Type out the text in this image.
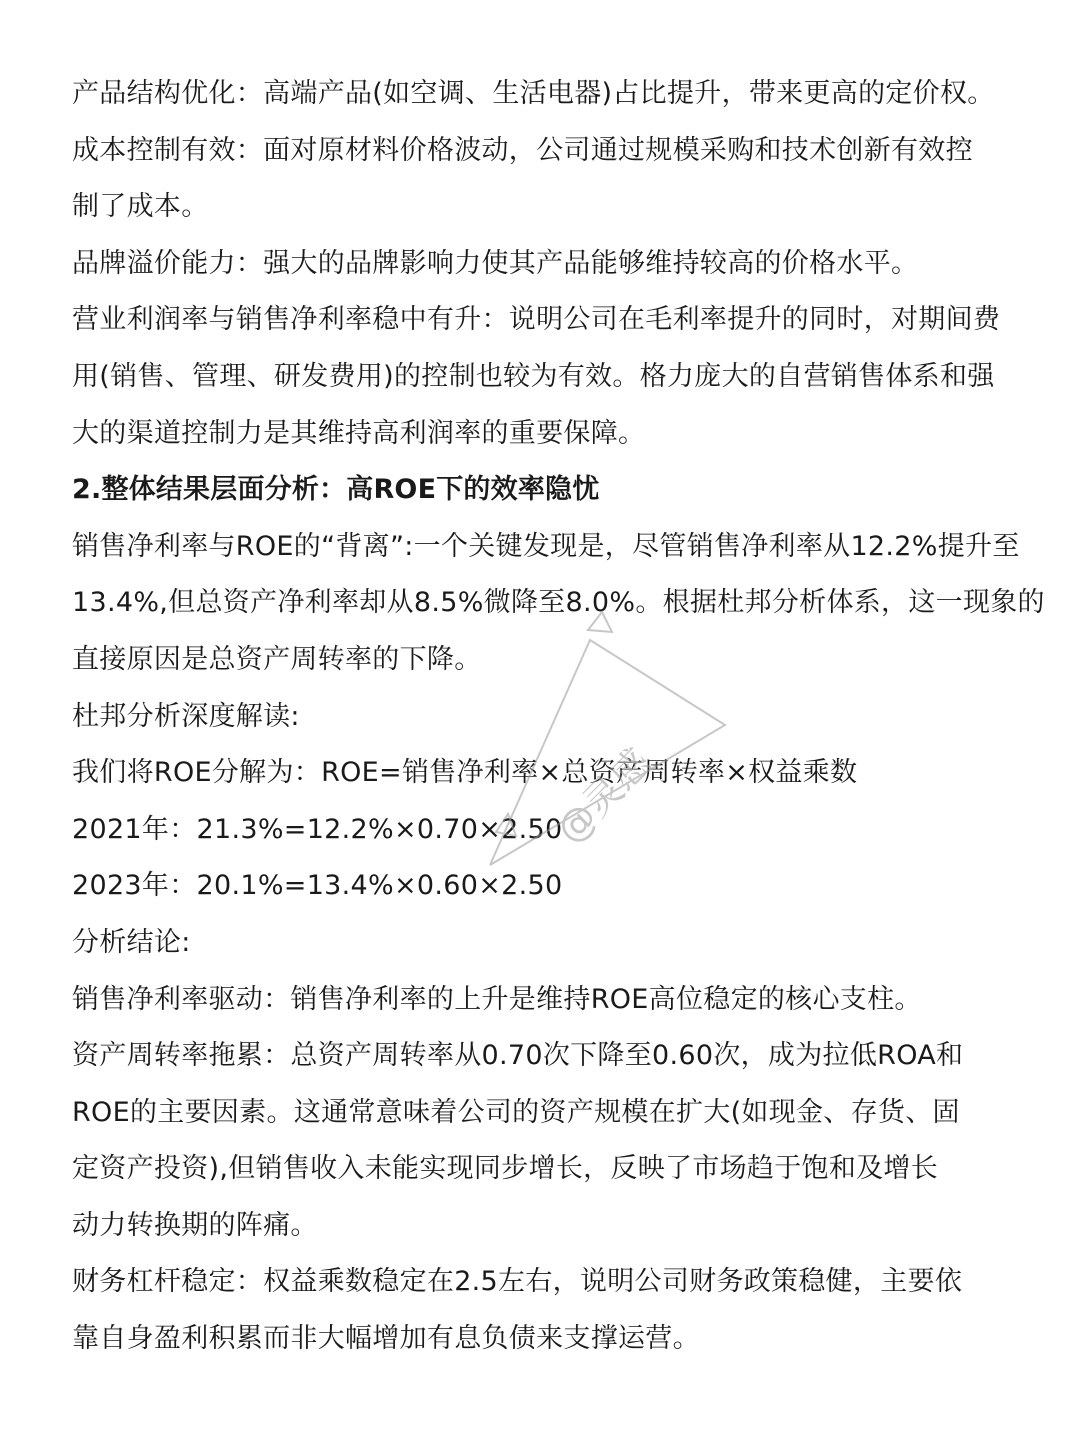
产品结构优化：高端产品(如空调、生活电器)占比提升，带来更高的定价权。
成本控制有效：面对原材料价格波动，公司通过规模采购和技术创新有效控
制了成本。
品牌溢价能力：强大的品牌影响力使其产品能够维持较高的价格水平。
营业利润率与销售净利率稳中有升：说明公司在毛利率提升的同时，对期间费
用(销售、管理、研发费用)的控制也较为有效。格力庞大的自营销售体系和强
大的渠道控制力是其维持高利润率的重要保障。
2.整体结果层面分析：高ROE下的效率隐忧
销售净利率与ROE的“背离”:一个关键发现是，尽管销售净利率从12.2%提升至
13.4%,但总资产净利率却从8.5%微降至8.0%。根据杜邦分析体系，这一现象的
直接原因是总资产周转率的下降。
杜邦分析深度解读:
我们将ROE分解为：ROE=销售净利率×总资产周转率×权益乘数
2021年：21.3%=12.2%×0.70×2.50
2023年：20.1%=13.4%×0.60×2.50
分析结论:
销售净利率驱动：销售净利率的上升是维持ROE高位稳定的核心支柱。
资产周转率拖累：总资产周转率从0.70次下降至0.60次，成为拉低ROA和
ROE的主要因素。这通常意味着公司的资产规模在扩大(如现金、存货、固
定资产投资),但销售收入未能实现同步增长，反映了市场趋于饱和及增长
动力转换期的阵痛。
财务杠杆稳定：权益乘数稳定在2.5左右，说明公司财务政策稳健，主要依
靠自身盈利积累而非大幅增加有息负债来支撑运营。
@灵感
